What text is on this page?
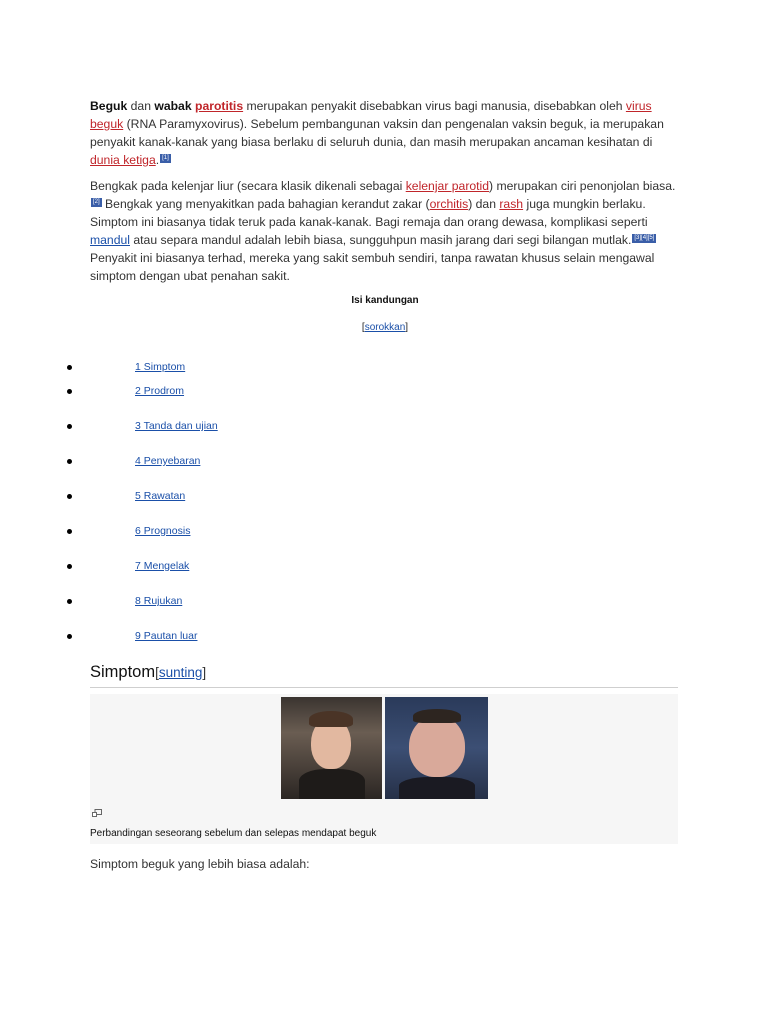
Beguk dan wabak parotitis merupakan penyakit disebabkan virus bagi manusia, disebabkan oleh virus beguk (RNA Paramyxovirus). Sebelum pembangunan vaksin dan pengenalan vaksin beguk, ia merupakan penyakit kanak-kanak yang biasa berlaku di seluruh dunia, dan masih merupakan ancaman kesihatan di dunia ketiga. [1]

Bengkak pada kelenjar liur (secara klasik dikenali sebagai kelenjar parotid) merupakan ciri penonjolan biasa.[2] Bengkak yang menyakitkan pada bahagian kerandut zakar (orchitis) dan rash juga mungkin berlaku. Simptom ini biasanya tidak teruk pada kanak-kanak. Bagi remaja dan orang dewasa, komplikasi seperti mandul atau separa mandul adalah lebih biasa, sungguhpun masih jarang dari segi bilangan mutlak. [3][4][5] Penyakit ini biasanya terhad, mereka yang sakit sembuh sendiri, tanpa rawatan khusus selain mengawal simptom dengan ubat penahan sakit.

Isi kandungan
[sorokkan]
1 Simptom
2 Prodrom
3 Tanda dan ujian
4 Penyebaran
5 Rawatan
6 Prognosis
7 Mengelak
8 Rujukan
9 Pautan luar
Simptom[sunting]
Perbandingan seseorang sebelum dan selepas mendapat beguk
Simptom beguk yang lebih biasa adalah:
